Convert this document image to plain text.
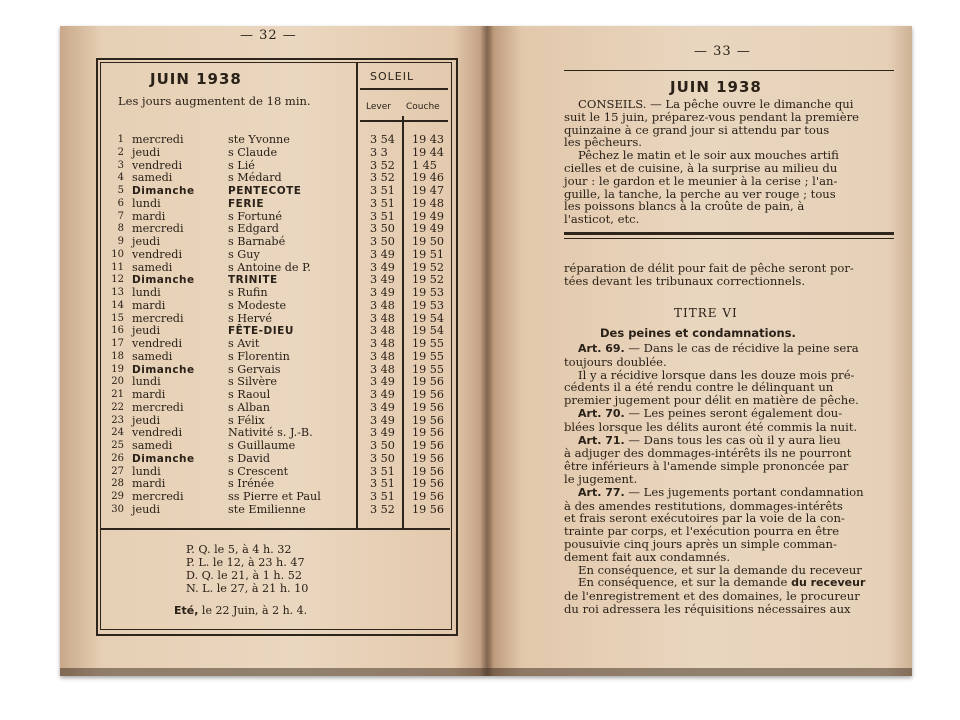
— 32 —
JUIN 1938
Les jours augmentent de 18 min.
SOLEIL
Lever Couche
1 mercredi	ste Yvonne	3 54 19 43
2 jeudi	s Claude	3 3 19 44
3 vendredi	s Lié	3 52 1 45
4 samedi	s Médard	3 52 19 46
5 Dimanche	PENTECOTE	3 51 19 47
6 lundi	FERIE	3 51 19 48
7 mardi	s Fortuné	3 51 19 49
8 mercredi	s Edgard	3 50 19 49
9 jeudi	s Barnabé	3 50 19 50
10 vendredi	s Guy	3 49 19 51
11 samedi	s Antoine de P.	3 49 19 52
12 Dimanche	TRINITE	3 49 19 52
13 lundi	s Rufin	3 49 19 53
14 mardi	s Modeste	3 48 19 53
15 mercredi	s Hervé	3 48 19 54
16 jeudi	FÊTE-DIEU	3 48 19 54
17 vendredi	s Avit	3 48 19 55
18 samedi	s Florentin	3 48 19 55
19 Dimanche	s Gervais	3 48 19 55
20 lundi	s Silvère	3 49 19 56
21 mardi	s Raoul	3 49 19 56
22 mercredi	s Alban	3 49 19 56
23 jeudi	s Félix	3 49 19 56
24 vendredi	Nativité s. J.-B.	3 49 19 56
25 samedi	s Guillaume	3 50 19 56
26 Dimanche	s David	3 50 19 56
27 lundi	s Crescent	3 51 19 56
28 mardi	s Irénée	3 51 19 56
29 mercredi	ss Pierre et Paul	3 51 19 56
30 jeudi	ste Emilienne	3 52 19 56
P. Q. le 5, à 4 h. 32
P. L. le 12, à 23 h. 47
D. Q. le 21, à 1 h. 52
N. L. le 27, à 21 h. 10
Eté, le 22 Juin, à 2 h. 4.
— 33 —
JUIN 1938

CONSEILS. — La pêche ouvre le dimanche qui

suit le 15 juin, préparez-vous pendant la première

quinzaine à ce grand jour si attendu par tous

les pêcheurs.

Pêchez le matin et le soir aux mouches artifi

cielles et de cuisine, à la surprise au milieu du

jour : le gardon et le meunier à la cerise ; l'an-

guille, la tanche, la perche au ver rouge ; tous

les poissons blancs à la croûte de pain, à

l'asticot, etc.

réparation de délit pour fait de pêche seront por-

tées devant les tribunaux correctionnels.

TITRE VI
Des peines et condamnations.

Art. 69. — Dans le cas de récidive la peine sera

toujours doublée.

Il y a récidive lorsque dans les douze mois pré-

cédents il a été rendu contre le délinquant un

premier jugement pour délit en matière de pêche.

Art. 70. — Les peines seront également dou-

blées lorsque les délits auront été commis la nuit.

Art. 71. — Dans tous les cas où il y aura lieu

à adjuger des dommages-intérêts ils ne pourront

être inférieurs à l'amende simple prononcée par

le jugement.

Art. 77. — Les jugements portant condamnation

à des amendes restitutions, dommages-intérêts

et frais seront exécutoires par la voie de la con-

trainte par corps, et l'exécution pourra en être

pousuivie cinq jours après un simple comman-

dement fait aux condamnés.

En conséquence, et sur la demande du receveur

En conséquence, et sur la demande du receveur

de l'enregistrement et des domaines, le procureur

du roi adressera les réquisitions nécessaires aux
